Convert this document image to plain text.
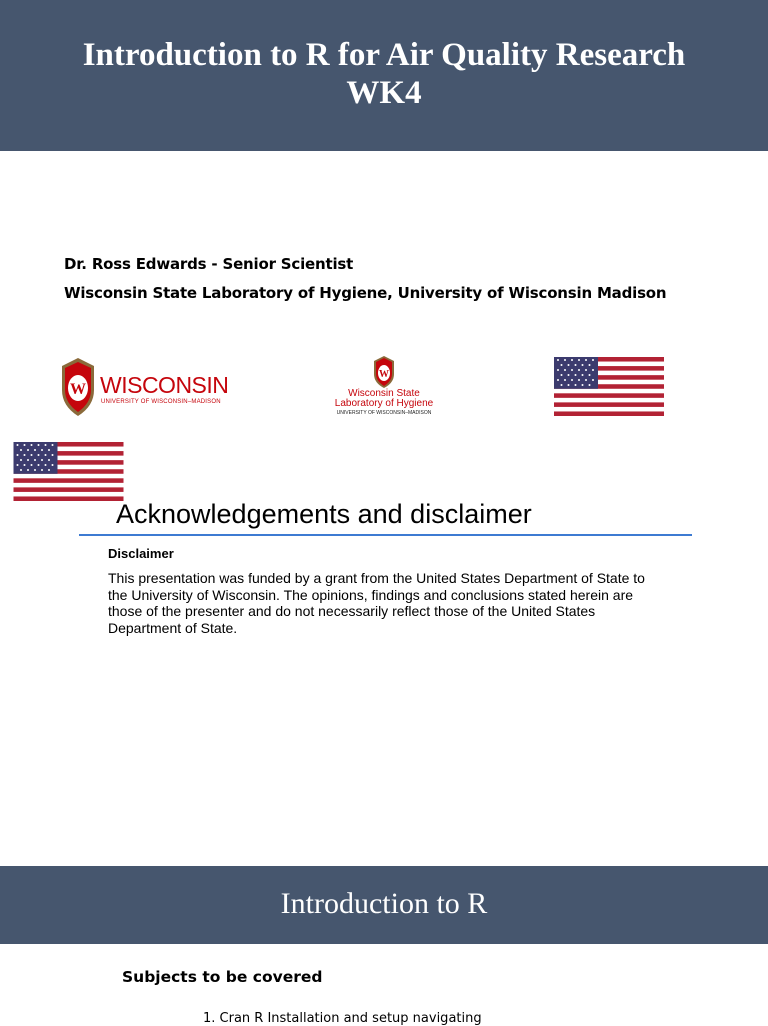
Introduction to R for Air Quality Research
WK4
Dr. Ross Edwards - Senior Scientist
Wisconsin State Laboratory of Hygiene, University of Wisconsin Madison
W WISCONSIN
UNIVERSITY OF WISCONSIN–MADISON
W
Wisconsin State
Laboratory of Hygiene
UNIVERSITY OF WISCONSIN–MADISON
Acknowledgements and disclaimer
Disclaimer
This presentation was funded by a grant from the United States Department of State to the University of Wisconsin. The opinions, findings and conclusions stated herein are those of the presenter and do not necessarily reflect those of the United States Department of State.
Introduction to R
Subjects to be covered
1. Cran R Installation and setup navigating
